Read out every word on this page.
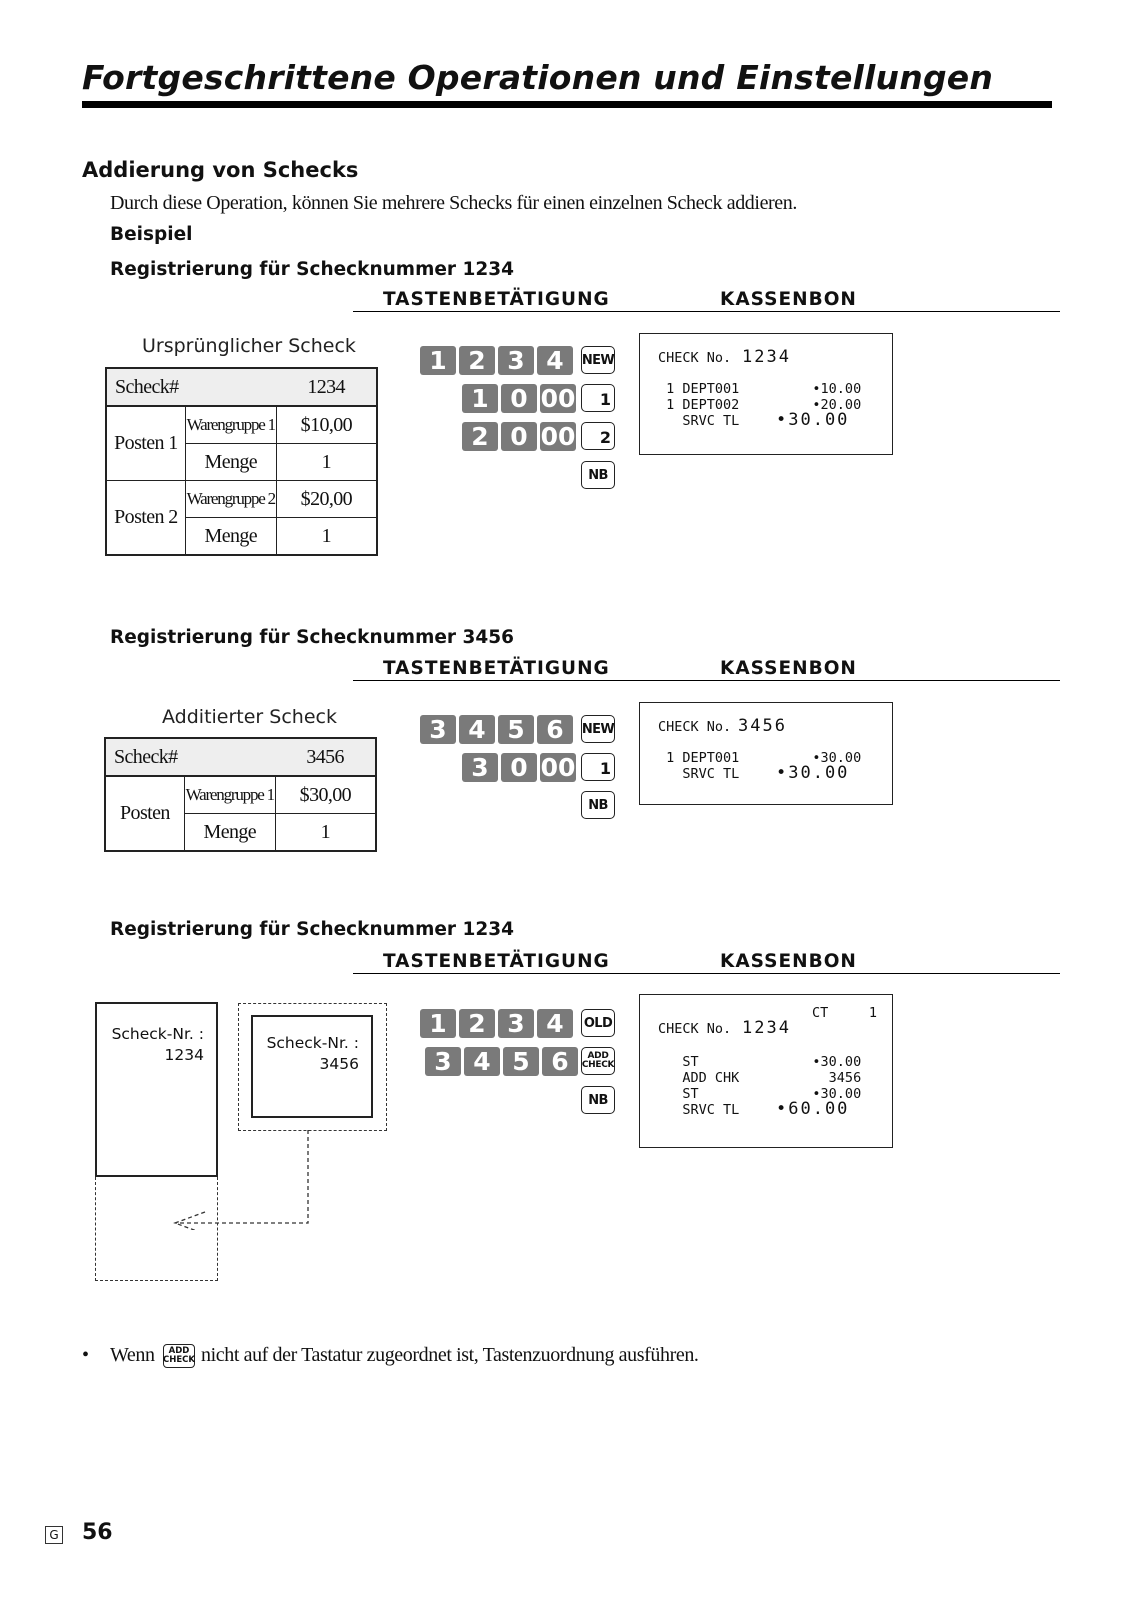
Fortgeschrittene Operationen und Einstellungen
Addierung von Schecks
Durch diese Operation, können Sie mehrere Schecks für einen einzelnen Scheck addieren.
Beispiel
Registrierung für Schecknummer 1234
TASTENBETÄTIGUNG	KASSENBON
Ursprünglicher Scheck
Scheck#		1234
Posten 1	Warengruppe 1	$10,00
	Menge	1
Posten 2	Warengruppe 2	$20,00
	Menge	1
1 2 3 4	NEW
1 0 00	1
2 0 00	2
NB
CHECK No. 1234
1 DEPT001         •10.00
1 DEPT002         •20.00
SRVC TL •30.00
Registrierung für Schecknummer 3456
TASTENBETÄTIGUNG	KASSENBON
Additierter Scheck
Scheck#		3456
Posten	Warengruppe 1	$30,00
	Menge	1
3 4 5 6	NEW
3 0 00	1
NB
CHECK No. 3456
1 DEPT001         •30.00
SRVC TL •30.00
Registrierung für Schecknummer 1234
TASTENBETÄTIGUNG	KASSENBON
Scheck-Nr. :
1234
Scheck-Nr. :
3456
1 2 3 4	OLD
3 4 5 6	ADD
CHECK
NB
CT     1
CHECK No. 1234
ST              •30.00
ADD CHK           3456
ST              •30.00
SRVC TL •60.00
• Wenn ADD
CHECK nicht auf der Tastatur zugeordnet ist, Tastenzuordnung ausführen.
G 56
